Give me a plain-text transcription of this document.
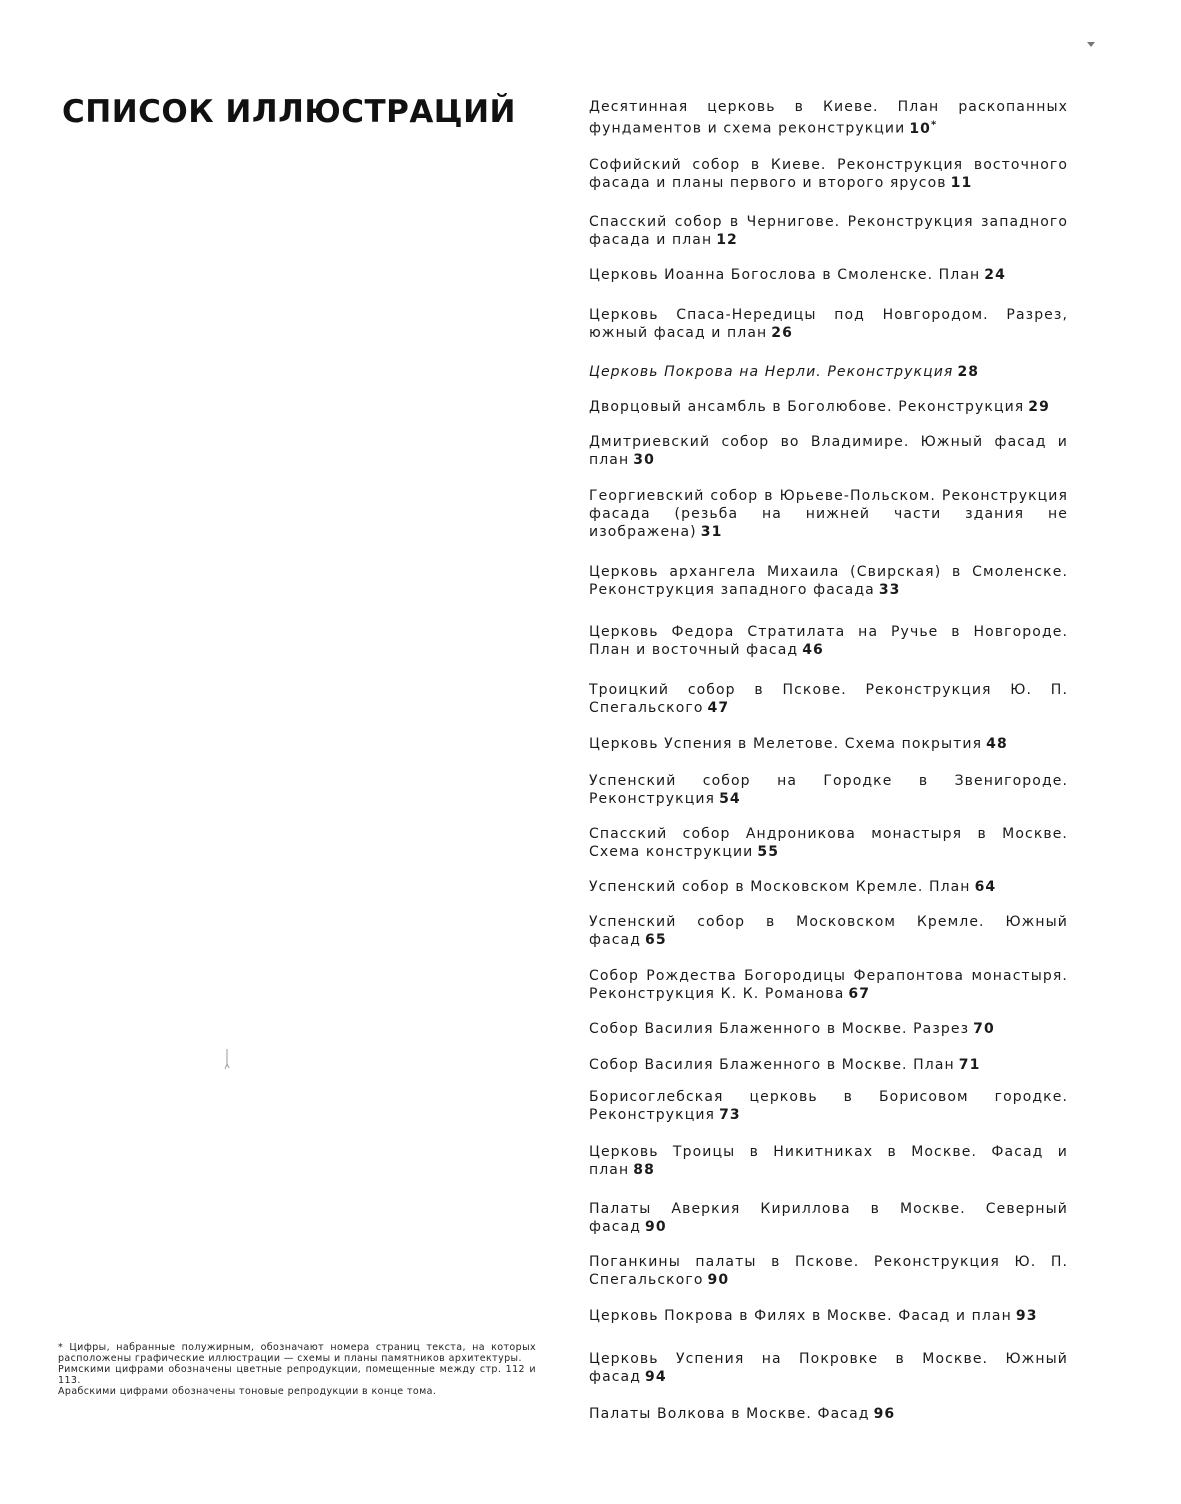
СПИСОК ИЛЛЮСТРАЦИЙ	Десятинная церковь в Киеве. План раскопанных фундаментов и схема реконструкции 10*
Софийский собор в Киеве. Реконструкция восточного фасада и планы первого и второго ярусов 11
Спасский собор в Чернигове. Реконструкция западного фасада и план 12
Церковь Иоанна Богослова в Смоленске. План 24
Церковь Спаса-Нередицы под Новгородом. Разрез, южный фасад и план 26
Церковь Покрова на Нерли. Реконструкция 28
Дворцовый ансамбль в Боголюбове. Реконструкция 29
Дмитриевский собор во Владимире. Южный фасад и план 30
Георгиевский собор в Юрьеве-Польском. Реконструкция фасада (резьба на нижней части здания не изображена) 31
Церковь архангела Михаила (Свирская) в Смоленске. Реконструкция западного фасада 33
Церковь Федора Стратилата на Ручье в Новгороде. План и восточный фасад 46
Троицкий собор в Пскове. Реконструкция Ю. П. Спегальского 47
Церковь Успения в Мелетове. Схема покрытия 48
Успенский собор на Городке в Звенигороде. Реконструкция 54
Спасский собор Андроникова монастыря в Москве. Схема конструкции 55
Успенский собор в Московском Кремле. План 64
Успенский собор в Московском Кремле. Южный фасад 65
Собор Рождества Богородицы Ферапонтова монастыря. Реконструкция К. К. Романова 67
Собор Василия Блаженного в Москве. Разрез 70
Собор Василия Блаженного в Москве. План 71
Борисоглебская церковь в Борисовом городке. Реконструкция 73
Церковь Троицы в Никитниках в Москве. Фасад и план 88
Палаты Аверкия Кириллова в Москве. Северный фасад 90
Поганкины палаты в Пскове. Реконструкция Ю. П. Спегальского 90
Церковь Покрова в Филях в Москве. Фасад и план 93
Церковь Успения на Покровке в Москве. Южный фасад 94
Палаты Волкова в Москве. Фасад 96

* Цифры, набранные полужирным, обозначают номера страниц текста, на которых расположены графические иллюстрации — схемы и планы памятников архитектуры.

Римскими цифрами обозначены цветные репродукции, помещенные между стр. 112 и 113.

Арабскими цифрами обозначены тоновые репродукции в конце тома.
